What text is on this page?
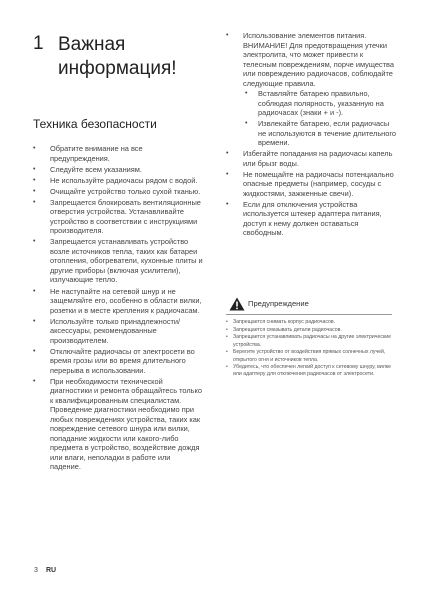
1 Важная информация!
Техника безопасности
• Обратите внимание на все предупреждения.
• Следуйте всем указаниям.
• Не используйте радиочасы рядом с водой.
• Очищайте устройство только сухой тканью.
• Запрещается блокировать вентиляционные отверстия устройства. Устанавливайте устройство в соответствии с инструкциями производителя.
• Запрещается устанавливать устройство возле источников тепла, таких как батареи отопления, обогреватели, кухонные плиты и другие приборы (включая усилители), излучающие тепло.
• Не наступайте на сетевой шнур и не защемляйте его, особенно в области вилки, розетки и в месте крепления к радиочасам.
• Используйте только принадлежности/аксессуары, рекомендованные производителем.
• Отключайте радиочасы от электросети во время грозы или во время длительного перерыва в использовании.
• При необходимости технической диагностики и ремонта обращайтесь только к квалифицированным специалистам. Проведение диагностики необходимо при любых повреждениях устройства, таких как повреждение сетевого шнура или вилки, попадание жидкости или какого-либо предмета в устройство, воздействие дождя или влаги, неполадки в работе или падение.
• Использование элементов питания. ВНИМАНИЕ! Для предотвращения утечки электролита, что может привести к телесным повреждениям, порче имущества или повреждению радиочасов, соблюдайте следующие правила.
• Вставляйте батарею правильно, соблюдая полярность, указанную на радиочасах (знаки + и -).
• Извлекайте батарею, если радиочасы не используются в течение длительного времени.
• Избегайте попадания на радиочасы капель или брызг воды.
• Не помещайте на радиочасы потенциально опасные предметы (например, сосуды с жидкостями, зажженные свечи).
• Если для отключения устройства используется штекер адаптера питания, доступ к нему должен оставаться свободным.
Предупреждение
• Запрещается снимать корпус радиочасов.
• Запрещается смазывать детали радиочасов.
• Запрещается устанавливать радиочасы на другие электрические устройства.
• Берегите устройство от воздействия прямых солнечных лучей, открытого огня и источников тепла.
• Убедитесь, что обеспечен легкий доступ к сетевому шнуру, вилке или адаптеру для отключения радиочасов от электросети.
3 RU
